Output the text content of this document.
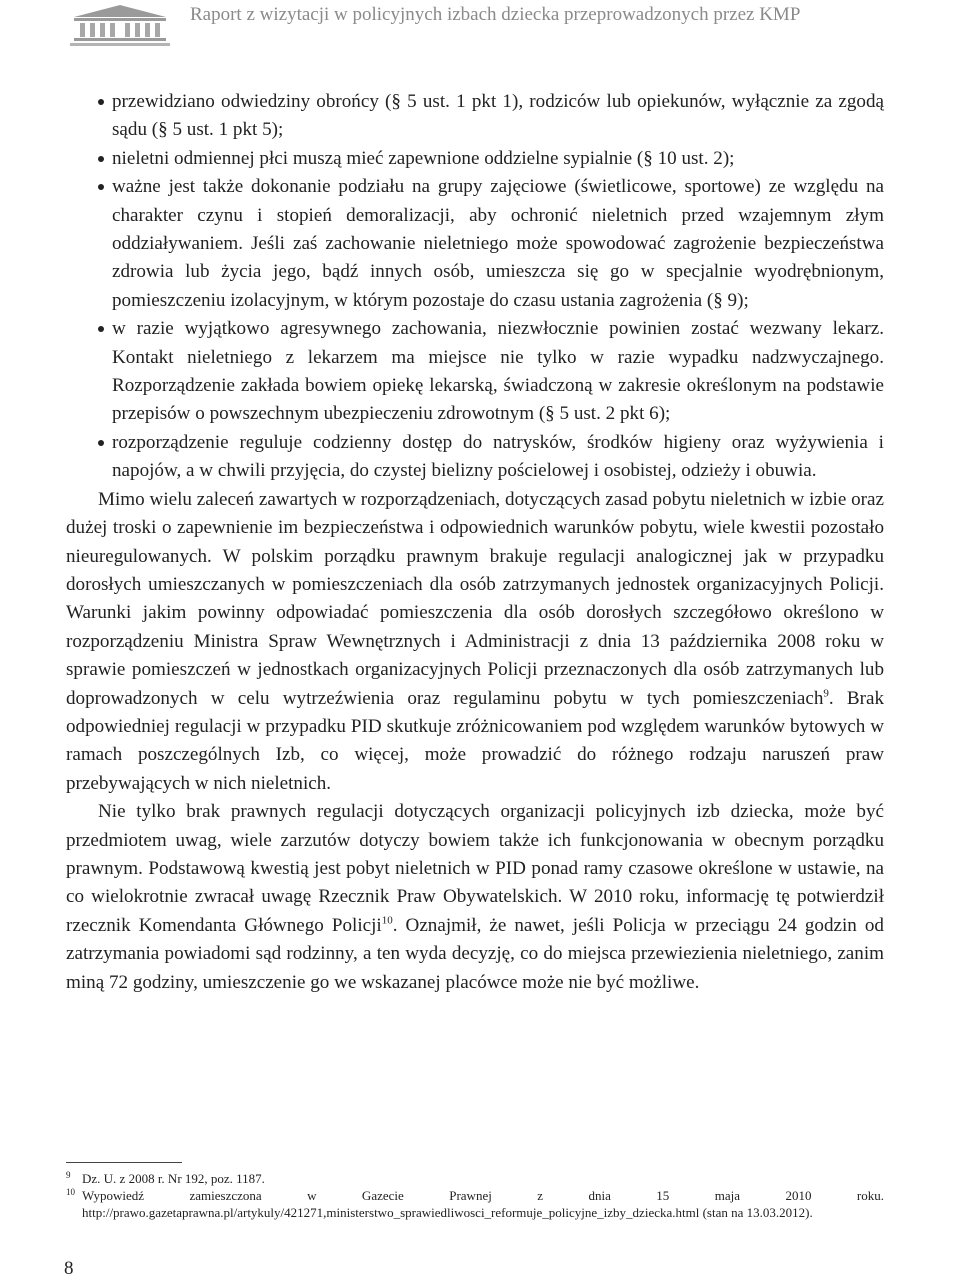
Raport z wizytacji w policyjnych izbach dziecka przeprowadzonych przez KMP
przewidziano odwiedziny obrońcy (§ 5 ust. 1 pkt 1), rodziców lub opiekunów, wyłącznie za zgodą sądu (§ 5 ust. 1 pkt 5);
nieletni odmiennej płci muszą mieć zapewnione oddzielne sypialnie (§ 10 ust. 2);
ważne jest także dokonanie podziału na grupy zajęciowe (świetlicowe, sportowe) ze względu na charakter czynu i stopień demoralizacji, aby ochronić nieletnich przed wzajemnym złym oddziaływaniem. Jeśli zaś zachowanie nieletniego może spowodować zagrożenie bezpieczeństwa zdrowia lub życia jego, bądź innych osób, umieszcza się go w specjalnie wyodrębnionym, pomieszczeniu izolacyjnym, w którym pozostaje do czasu ustania zagrożenia (§ 9);
w razie wyjątkowo agresywnego zachowania, niezwłocznie powinien zostać wezwany lekarz. Kontakt nieletniego z lekarzem ma miejsce nie tylko w razie wypadku nadzwyczajnego. Rozporządzenie zakłada bowiem opiekę lekarską, świadczoną w zakresie określonym na podstawie przepisów o powszechnym ubezpieczeniu zdrowotnym (§ 5 ust. 2 pkt 6);
rozporządzenie reguluje codzienny dostęp do natrysków, środków higieny oraz wyżywienia i napojów, a w chwili przyjęcia, do czystej bielizny pościelowej i osobistej, odzieży i obuwia.

Mimo wielu zaleceń zawartych w rozporządzeniach, dotyczących zasad pobytu nieletnich w izbie oraz dużej troski o zapewnienie im bezpieczeństwa i odpowiednich warunków pobytu, wiele kwestii pozostało nieuregulowanych. W polskim porządku prawnym brakuje regulacji analogicznej jak w przypadku dorosłych umieszczanych w pomieszczeniach dla osób zatrzymanych jednostek organizacyjnych Policji. Warunki jakim powinny odpowiadać pomieszczenia dla osób dorosłych szczegółowo określono w rozporządzeniu Ministra Spraw Wewnętrznych i Administracji z dnia 13 października 2008 roku w sprawie pomieszczeń w jednostkach organizacyjnych Policji przeznaczonych dla osób zatrzymanych lub doprowadzonych w celu wytrzeźwienia oraz regulaminu pobytu w tych pomieszczeniach$^9$. Brak odpowiedniej regulacji w przypadku PID skutkuje zróżnicowaniem pod względem warunków bytowych w ramach poszczególnych Izb, co więcej, może prowadzić do różnego rodzaju naruszeń praw przebywających w nich nieletnich.

Nie tylko brak prawnych regulacji dotyczących organizacji policyjnych izb dziecka, może być przedmiotem uwag, wiele zarzutów dotyczy bowiem także ich funkcjonowania w obecnym porządku prawnym. Podstawową kwestią jest pobyt nieletnich w PID ponad ramy czasowe określone w ustawie, na co wielokrotnie zwracał uwagę Rzecznik Praw Obywatelskich. W 2010 roku, informację tę potwierdził rzecznik Komendanta Głównego Policji$^{10}$. Oznajmił, że nawet, jeśli Policja w przeciągu 24 godzin od zatrzymania powiadomi sąd rodzinny, a ten wyda decyzję, co do miejsca przewiezienia nieletniego, zanim miną 72 godziny, umieszczenie go we wskazanej placówce może nie być możliwe.

9 Dz. U. z 2008 r. Nr 192, poz. 1187.

10 Wypowiedź zamieszczona w Gazecie Prawnej z dnia 15 maja 2010 roku. http://prawo.gazetaprawna.pl/artykuly/421271,ministerstwo_sprawiedliwosci_reformuje_policyjne_izby_dziecka.html (stan na 13.03.2012).

8
